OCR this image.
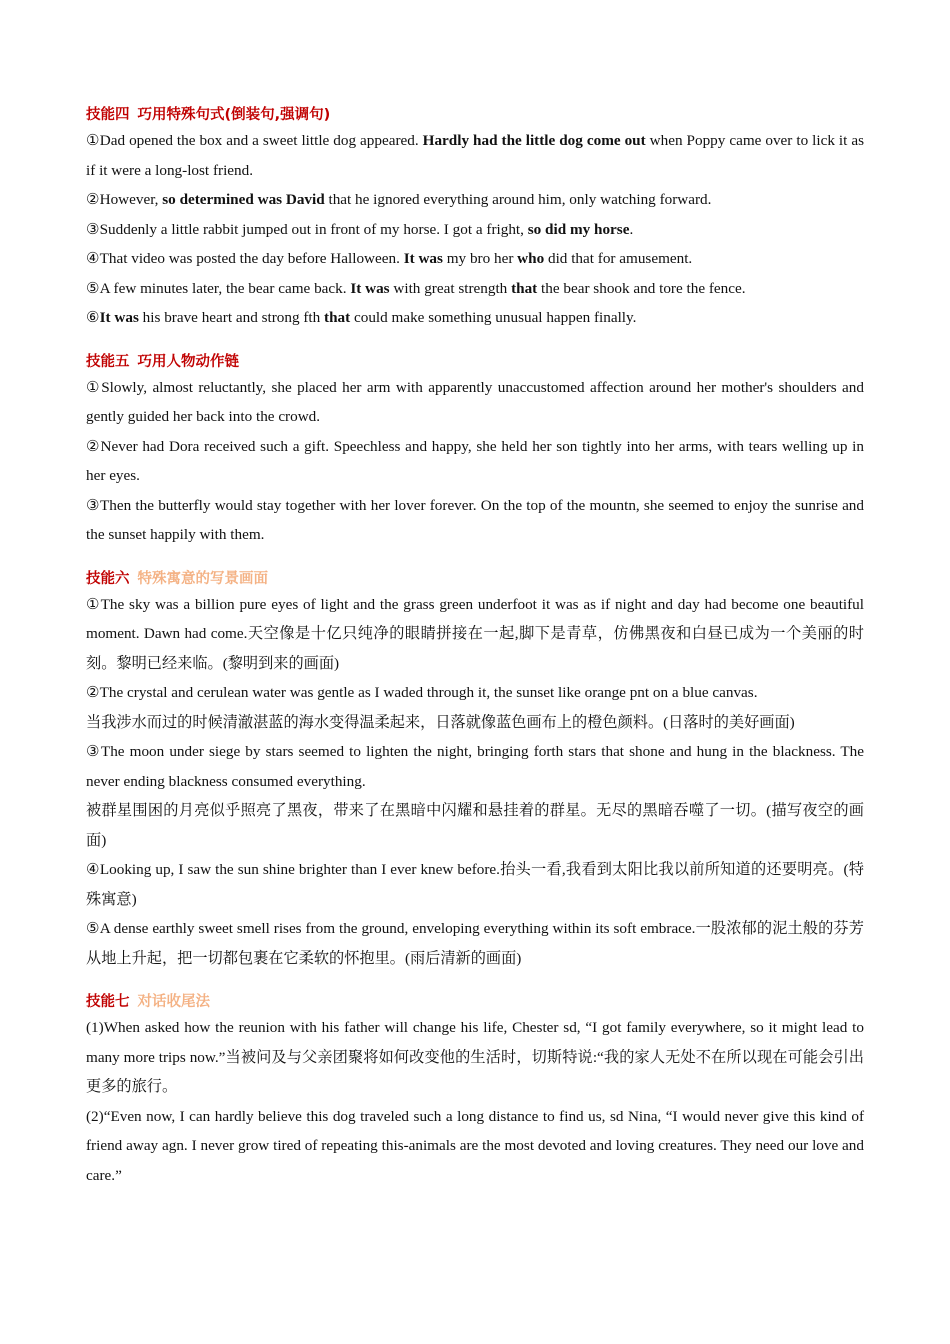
技能四 巧用特殊句式(倒装句,强调句)

①Dad opened the box and a sweet little dog appeared. Hardly had the little dog come out when Poppy came over to lick it as if it were a long-lost friend.

②However, so determined was David that he ignored everything around him, only watching forward.

③Suddenly a little rabbit jumped out in front of my horse. I got a fright, so did my horse.

④That video was posted the day before Halloween. It was my bro her who did that for amusement.

⑤A few minutes later, the bear came back. It was with great strength that the bear shook and tore the fence.

⑥It was his brave heart and strong fth that could make something unusual happen finally.

技能五 巧用人物动作链

①Slowly, almost reluctantly, she placed her arm with apparently unaccustomed affection around her mother's shoulders and gently guided her back into the crowd.

②Never had Dora received such a gift. Speechless and happy, she held her son tightly into her arms, with tears welling up in her eyes.

③Then the butterfly would stay together with her lover forever. On the top of the mountn, she seemed to enjoy the sunrise and the sunset happily with them.

技能六 特殊寓意的写景画面

①The sky was a billion pure eyes of light and the grass green underfoot it was as if night and day had become one beautiful moment. Dawn had come.天空像是十亿只纯净的眼睛拼接在一起,脚下是青草，仿佛黑夜和白昼已成为一个美丽的时刻。黎明已经来临。(黎明到来的画面)

②The crystal and cerulean water was gentle as I waded through it, the sunset like orange pnt on a blue canvas.

当我涉水而过的时候清澈湛蓝的海水变得温柔起来，日落就像蓝色画布上的橙色颜料。(日落时的美好画面)

③The moon under siege by stars seemed to lighten the night, bringing forth stars that shone and hung in the blackness. The never ending blackness consumed everything.

被群星围困的月亮似乎照亮了黑夜，带来了在黑暗中闪耀和悬挂着的群星。无尽的黑暗吞噬了一切。(描写夜空的画面)

④Looking up, I saw the sun shine brighter than I ever knew before.抬头一看,我看到太阳比我以前所知道的还要明亮。(特殊寓意)

⑤A dense earthly sweet smell rises from the ground, enveloping everything within its soft embrace.一股浓郁的泥土般的芬芳从地上升起，把一切都包裹在它柔软的怀抱里。(雨后清新的画面)

技能七 对话收尾法

(1)When asked how the reunion with his father will change his life, Chester sd, “I got family everywhere, so it might lead to many more trips now.”当被问及与父亲团聚将如何改变他的生活时，切斯特说:“我的家人无处不在所以现在可能会引出更多的旅行。

(2)“Even now, I can hardly believe this dog traveled such a long distance to find us, sd Nina, “I would never give this kind of friend away agn. I never grow tired of repeating this-animals are the most devoted and loving creatures. They need our love and care.”
